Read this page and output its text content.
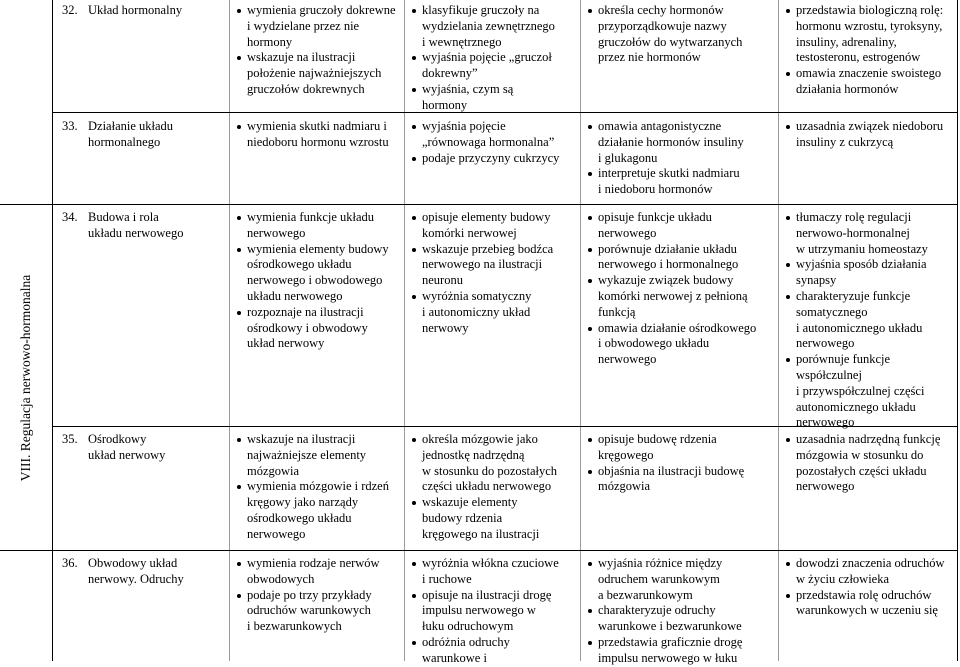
VIII. Regulacja nerwowo-hormonalna
32. Układ hormonalny	wymienia gruczoły dokrewne
i wydzielane przez nie
hormony
wskazuje na ilustracji
położenie najważniejszych
gruczołów dokrewnych
klasyfikuje gruczoły na
wydzielania zewnętrznego
i wewnętrznego
wyjaśnia pojęcie „gruczoł
dokrewny”
wyjaśnia, czym są
hormony
określa cechy hormonów
przyporządkowuje nazwy
gruczołów do wytwarzanych
przez nie hormonów
przedstawia biologiczną rolę:
hormonu wzrostu, tyroksyny,
insuliny, adrenaliny,
testosteronu, estrogenów
omawia znaczenie swoistego
działania hormonów
33. Działanie układu
hormonalnego
wymienia skutki nadmiaru i
niedoboru hormonu wzrostu
wyjaśnia pojęcie
„równowaga hormonalna”
podaje przyczyny cukrzycy
omawia antagonistyczne
działanie hormonów insuliny
i glukagonu
interpretuje skutki nadmiaru
i niedoboru hormonów
uzasadnia związek niedoboru
insuliny z cukrzycą
34. Budowa i rola
układu nerwowego
wymienia funkcje układu
nerwowego
wymienia elementy budowy
ośrodkowego układu
nerwowego i obwodowego
układu nerwowego
rozpoznaje na ilustracji
ośrodkowy i obwodowy
układ nerwowy
opisuje elementy budowy
komórki nerwowej
wskazuje przebieg bodźca
nerwowego na ilustracji
neuronu
wyróżnia somatyczny
i autonomiczny układ
nerwowy
opisuje funkcje układu
nerwowego
porównuje działanie układu
nerwowego i hormonalnego
wykazuje związek budowy
komórki nerwowej z pełnioną
funkcją
omawia działanie ośrodkowego
i obwodowego układu
nerwowego
tłumaczy rolę regulacji
nerwowo-hormonalnej
w utrzymaniu homeostazy
wyjaśnia sposób działania
synapsy
charakteryzuje funkcje
somatycznego
i autonomicznego układu
nerwowego
porównuje funkcje
współczulnej
i przywspółczulnej części
autonomicznego układu
nerwowego
35. Ośrodkowy
układ nerwowy
wskazuje na ilustracji
najważniejsze elementy
mózgowia
wymienia mózgowie i rdzeń
kręgowy jako narządy
ośrodkowego układu
nerwowego
określa mózgowie jako
jednostkę nadrzędną
w stosunku do pozostałych
części układu nerwowego
wskazuje elementy
budowy rdzenia
kręgowego na ilustracji
opisuje budowę rdzenia
kręgowego
objaśnia na ilustracji budowę
mózgowia
uzasadnia nadrzędną funkcję
mózgowia w stosunku do
pozostałych części układu
nerwowego
36. Obwodowy układ
nerwowy. Odruchy
wymienia rodzaje nerwów
obwodowych
podaje po trzy przykłady
odruchów warunkowych
i bezwarunkowych
wyróżnia włókna czuciowe
i ruchowe
opisuje na ilustracji drogę
impulsu nerwowego w
łuku odruchowym
odróżnia odruchy
warunkowe i
wyjaśnia różnice między
odruchem warunkowym
a bezwarunkowym
charakteryzuje odruchy
warunkowe i bezwarunkowe
przedstawia graficznie drogę
impulsu nerwowego w łuku
dowodzi znaczenia odruchów
w życiu człowieka
przedstawia rolę odruchów
warunkowych w uczeniu się
